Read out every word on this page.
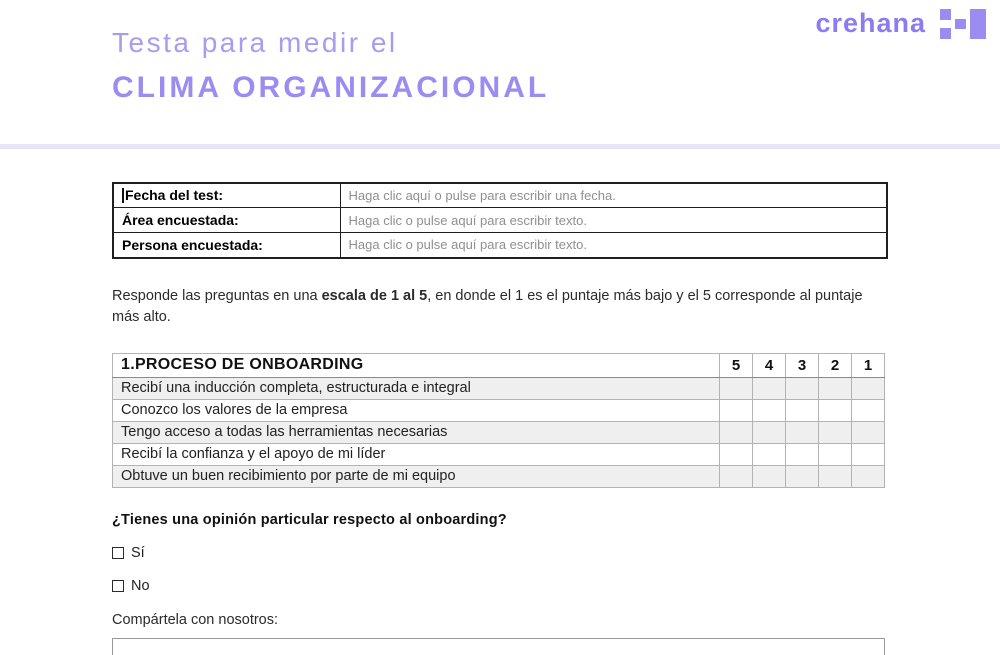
Testa para medir el
CLIMA ORGANIZACIONAL
crehana
Fecha del test:	Haga clic aquí o pulse para escribir una fecha.
Área encuestada:	Haga clic o pulse aquí para escribir texto.
Persona encuestada:	Haga clic o pulse aquí para escribir texto.

Responde las preguntas en una escala de 1 al 5, en donde el 1 es el puntaje más bajo y el 5 corresponde al puntaje más alto.

1.PROCESO DE ONBOARDING	5	4	3	2	1
Recibí una inducción completa, estructurada e integral					
Conozco los valores de la empresa					
Tengo acceso a todas las herramientas necesarias					
Recibí la confianza y el apoyo de mi líder					
Obtuve un buen recibimiento por parte de mi equipo					
¿Tienes una opinión particular respecto al onboarding?
Sí
No
Compártela con nosotros:
